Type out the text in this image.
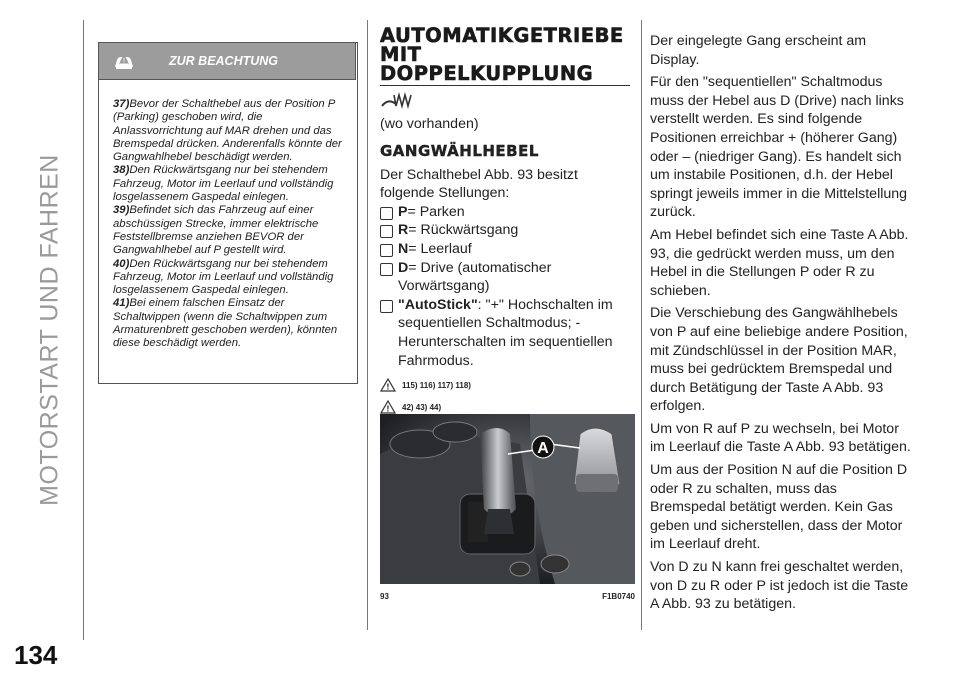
MOTORSTART UND FAHREN
134
!	ZUR BEACHTUNG
37)Bevor der Schalthebel aus der Position P (Parking) geschoben wird, die Anlassvorrichtung auf MAR drehen und das Bremspedal drücken. Anderenfalls könnte der Gangwahlhebel beschädigt werden.
38)Den Rückwärtsgang nur bei stehendem Fahrzeug, Motor im Leerlauf und vollständig losgelassenem Gaspedal einlegen.
39)Befindet sich das Fahrzeug auf einer abschüssigen Strecke, immer elektrische Feststellbremse anziehen BEVOR der Gangwahlhebel auf P gestellt wird.
40)Den Rückwärtsgang nur bei stehendem Fahrzeug, Motor im Leerlauf und vollständig losgelassenem Gaspedal einlegen.
41)Bei einem falschen Einsatz der Schaltwippen (wenn die Schaltwippen zum Armaturenbrett geschoben werden), könnten diese beschädigt werden.
AUTOMATIKGETRIEBE
MIT
DOPPELKUPPLUNG
(wo vorhanden)
GANGWÄHLHEBEL
Der Schalthebel Abb. 93 besitzt folgende Stellungen:
P= Parken
R= Rückwärtsgang
N= Leerlauf
D= Drive (automatischer Vorwärtsgang)
"AutoStick": "+" Hochschalten im sequentiellen Schaltmodus; - Herunterschalten im sequentiellen Fahrmodus.
! 115) 116) 117) 118)
! 42) 43) 44)
A
93	F1B0740
Der eingelegte Gang erscheint am Display.
Für den "sequentiellen" Schaltmodus muss der Hebel aus D (Drive) nach links verstellt werden. Es sind folgende Positionen erreichbar + (höherer Gang) oder – (niedriger Gang). Es handelt sich um instabile Positionen, d.h. der Hebel springt jeweils immer in die Mittelstellung zurück.
Am Hebel befindet sich eine Taste A Abb. 93, die gedrückt werden muss, um den Hebel in die Stellungen P oder R zu schieben.
Die Verschiebung des Gangwählhebels von P auf eine beliebige andere Position, mit Zündschlüssel in der Position MAR, muss bei gedrücktem Bremspedal und durch Betätigung der Taste A Abb. 93 erfolgen.
Um von R auf P zu wechseln, bei Motor im Leerlauf die Taste A Abb. 93 betätigen.
Um aus der Position N auf die Position D oder R zu schalten, muss das Bremspedal betätigt werden. Kein Gas geben und sicherstellen, dass der Motor im Leerlauf dreht.
Von D zu N kann frei geschaltet werden, von D zu R oder P ist jedoch ist die Taste A Abb. 93 zu betätigen.
